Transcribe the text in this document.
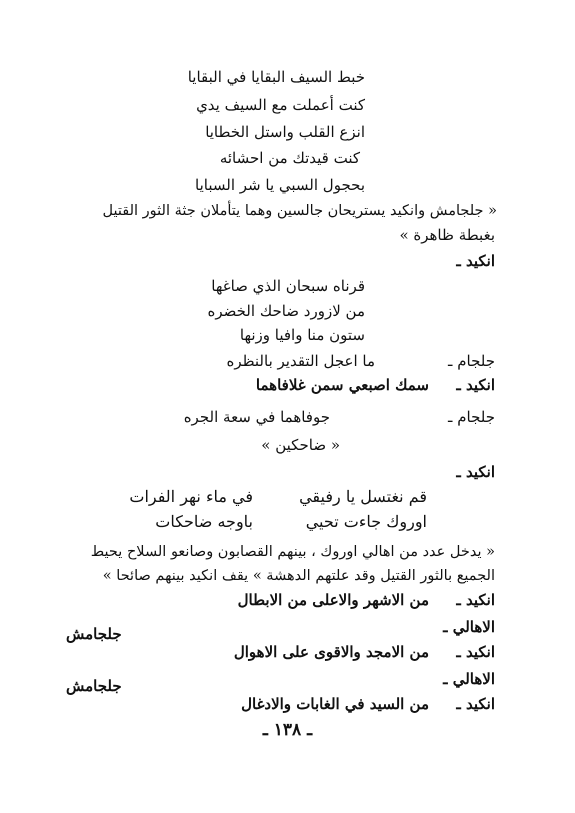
خبط السيف البقايا في البقايا
كنت أعملت مع السيف يدي
انزع القلب واستل الخطايا
كنت قيدتك من احشائه
بحجول السبي يا شر السبايا
« جلجامش وانكيد يستريحان جالسين وهما يتأملان جثة الثور القتيل
بغبطة ظاهرة »
انكيد ـ
قرناه سبحان الذي صاغها
من لازورد ضاحك الخضره
ستون منا وافيا وزنها
جلجام ـ
ما اعجل التقدير بالنظره
انكيد ـ
سمك اصبعي سمن غلافاهما
جلجام ـ
جوفاهما في سعة الجره
« ضاحكين »
انكيد ـ
قم نغتسل يا رفيقي
في ماء نهر الفرات
اوروك جاءت تحيي
باوجه ضاحكات
« يدخل عدد من اهالي اوروك ، بينهم القصابون وصانعو السلاح يحيط
الجميع بالثور القتيل وقد علتهم الدهشة » يقف انكيد بينهم صائحا »
انكيد ـ
من الاشهر والاعلى من الابطال
الاهالي ـ
جلجامش
انكيد ـ
من الامجد والاقوى على الاهوال
الاهالي ـ
جلجامش
انكيد ـ
من السيد في الغابات والادغال
ـ ١٣٨ ـ
